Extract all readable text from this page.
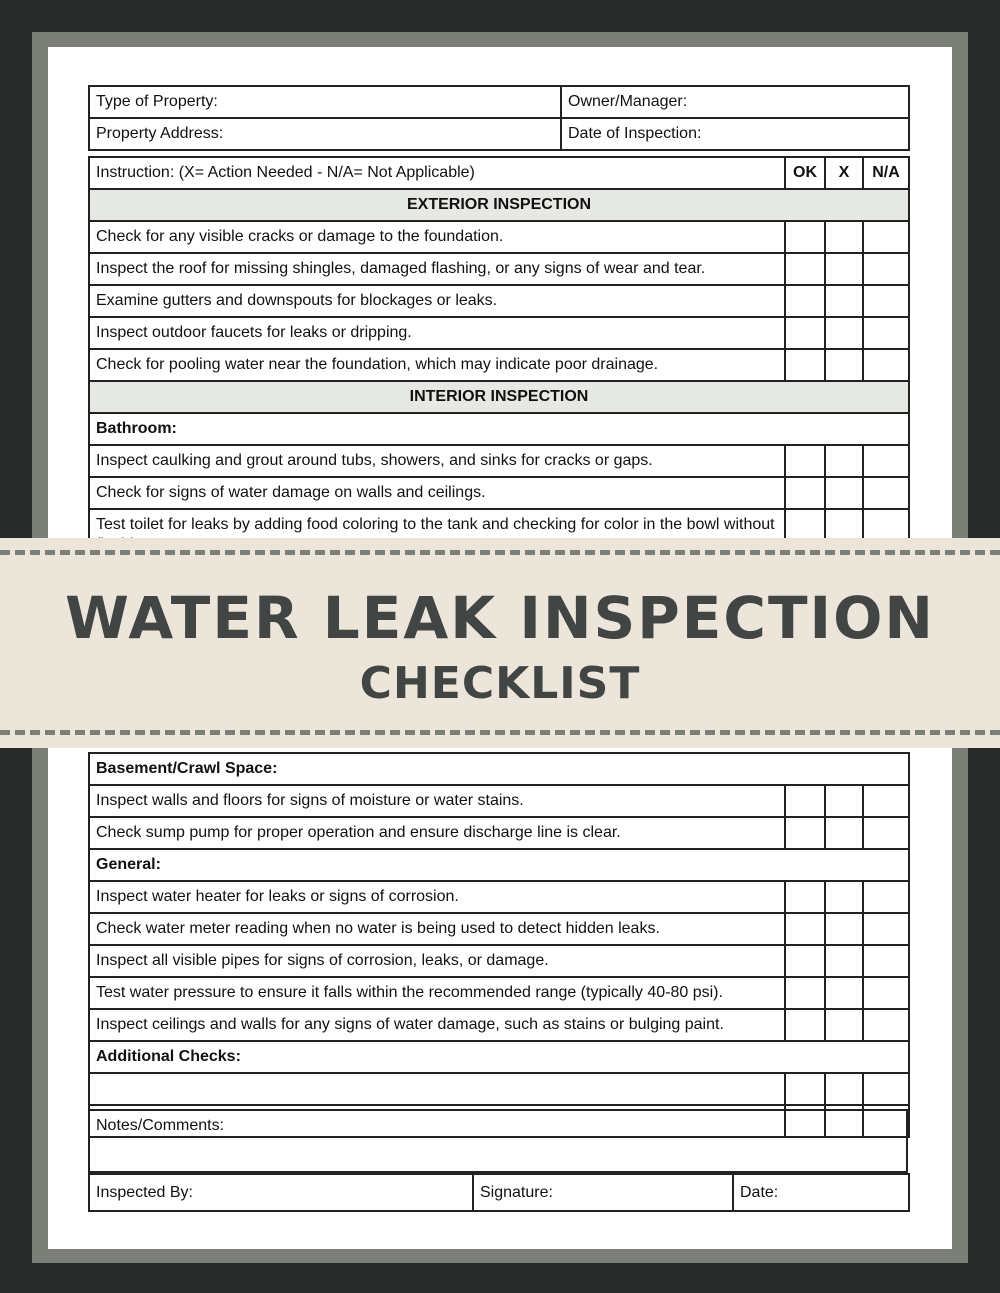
Type of Property:	Owner/Manager:
Property Address:	Date of Inspection:
Instruction: (X= Action Needed - N/A= Not Applicable)	OK	X	N/A
EXTERIOR INSPECTION			
Check for any visible cracks or damage to the foundation.			
Inspect the roof for missing shingles, damaged flashing, or any signs of wear and tear.			
Examine gutters and downspouts for blockages or leaks.			
Inspect outdoor faucets for leaks or dripping.			
Check for pooling water near the foundation, which may indicate poor drainage.			
INTERIOR INSPECTION			
Bathroom:			
Inspect caulking and grout around tubs, showers, and sinks for cracks or gaps.			
Check for signs of water damage on walls and ceilings.			
Test toilet for leaks by adding food coloring to the tank and checking for color in the bowl without			
Basement/Crawl Space:			
Inspect walls and floors for signs of moisture or water stains.			
Check sump pump for proper operation and ensure discharge line is clear.			
General:			
Inspect water heater for leaks or signs of corrosion.			
Check water meter reading when no water is being used to detect hidden leaks.			
Inspect all visible pipes for signs of corrosion, leaks, or damage.			
Test water pressure to ensure it falls within the recommended range (typically 40-80 psi).			
Inspect ceilings and walls for any signs of water damage, such as stains or bulging paint.			
Additional Checks:			

Notes/Comments:
Inspected By:	Signature:	Date:
WATER LEAK INSPECTION
CHECKLIST
